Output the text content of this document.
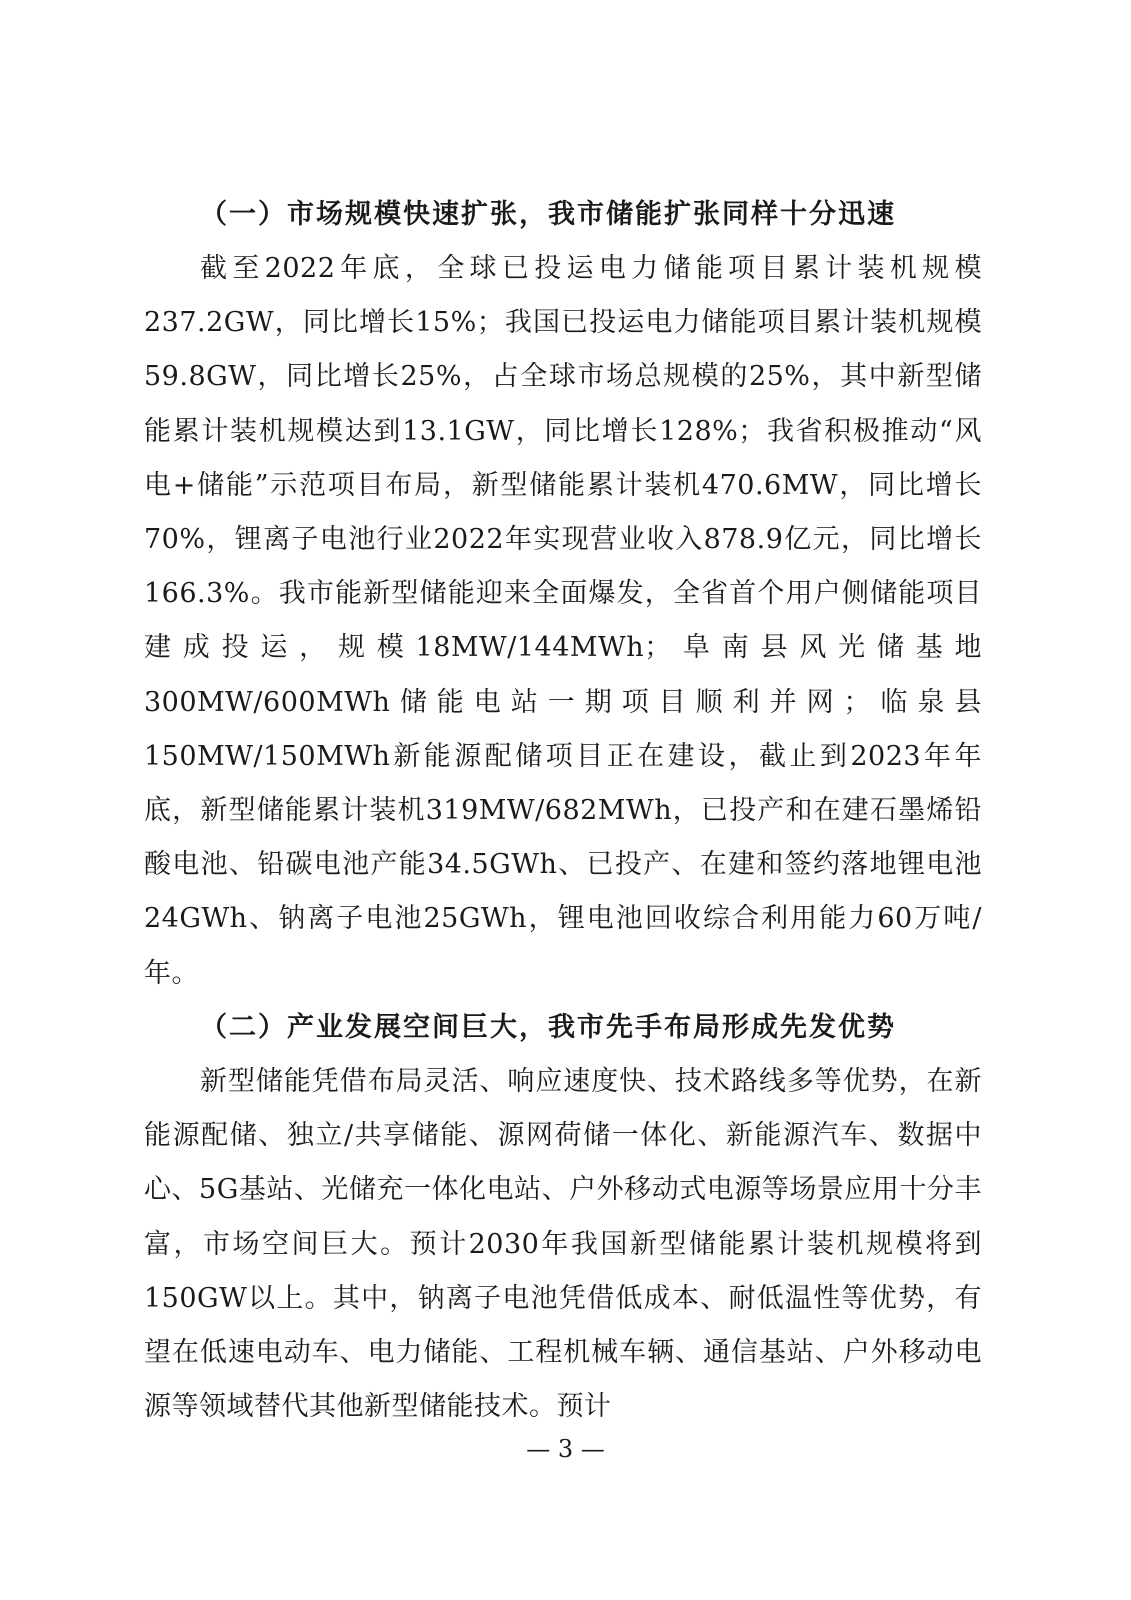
（一）市场规模快速扩张，我市储能扩张同样十分迅速

截至2022年底，全球已投运电力储能项目累计装机规模237.2GW，同比增长15%；我国已投运电力储能项目累计装机规模59.8GW，同比增长25%，占全球市场总规模的25%，其中新型储能累计装机规模达到13.1GW，同比增长128%；我省积极推动“风电+储能”示范项目布局，新型储能累计装机470.6MW，同比增长70%，锂离子电池行业2022年实现营业收入878.9亿元，同比增长166.3%。我市能新型储能迎来全面爆发，全省首个用户侧储能项目建成投运，规模18MW/144MWh；阜南县风光储基地300MW/600MWh储能电站一期项目顺利并网；临泉县150MW/150MWh新能源配储项目正在建设，截止到2023年年底，新型储能累计装机319MW/682MWh，已投产和在建石墨烯铅酸电池、铅碳电池产能34.5GWh、已投产、在建和签约落地锂电池24GWh、钠离子电池25GWh，锂电池回收综合利用能力60万吨/年。

（二）产业发展空间巨大，我市先手布局形成先发优势

新型储能凭借布局灵活、响应速度快、技术路线多等优势，在新能源配储、独立/共享储能、源网荷储一体化、新能源汽车、数据中心、5G基站、光储充一体化电站、户外移动式电源等场景应用十分丰富，市场空间巨大。预计2030年我国新型储能累计装机规模将到150GW以上。其中，钠离子电池凭借低成本、耐低温性等优势，有望在低速电动车、电力储能、工程机械车辆、通信基站、户外移动电源等领域替代其他新型储能技术。预计

— 3 —
